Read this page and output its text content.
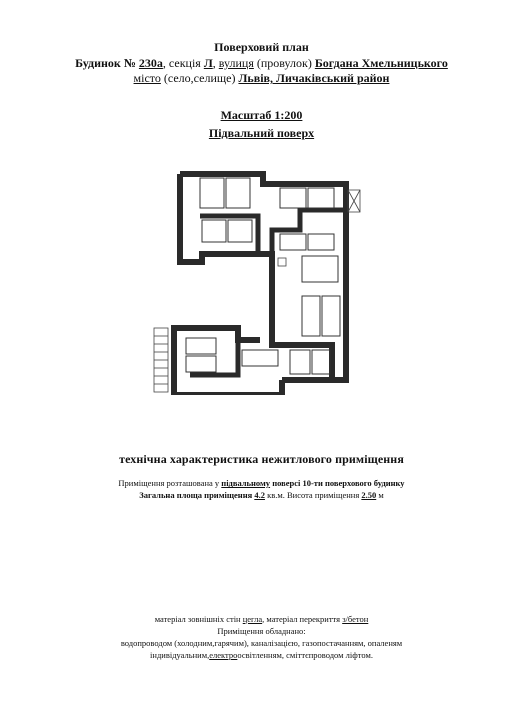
Поверховий план
Будинок № 230а, секція Л, вулиця (провулок) Богдана Хмельницького
місто (село,селище) Львів, Личаківський район
Масштаб 1:200
Підвальний поверх
технічна характеристика нежитлового приміщення
Приміщення розташована у підвальному поверсі 10-ти поверхового будинку
Загальна площа приміщення 4.2 кв.м. Висота приміщення 2.50 м
матеріал зовнішніх стін цегла, матеріал перекриття з/бетон
Приміщення обладнано:
водопроводом (холодним,гарячим), каналізацією, газопостачанням, опаленям
індивідуальним,електроосвітленням, сміттєпроводом ліфтом.
